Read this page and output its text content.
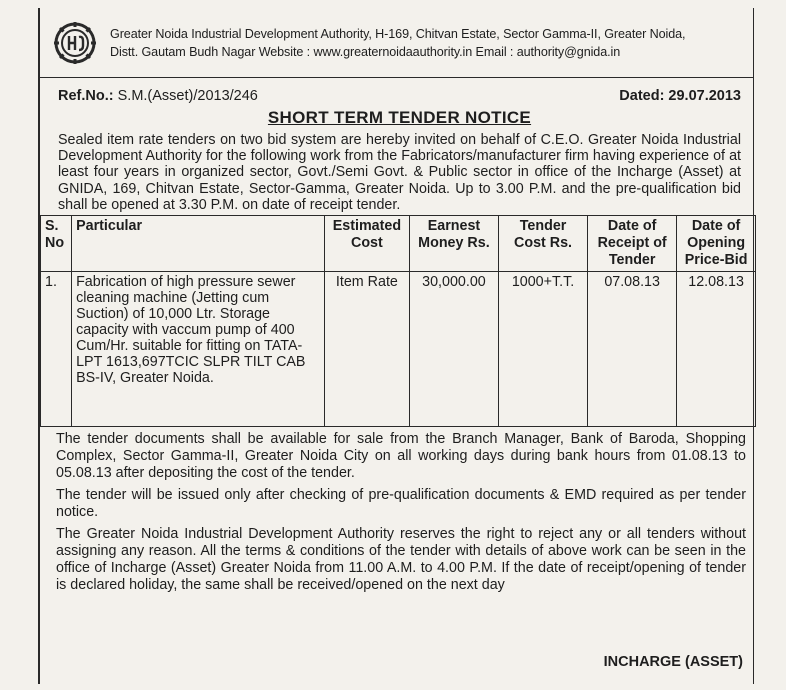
Greater Noida Industrial Development Authority, H-169, Chitvan Estate, Sector Gamma-II, Greater Noida,
Distt. Gautam Budh Nagar Website : www.greaternoidaauthority.in Email : authority@gnida.in
Ref.No.: S.M.(Asset)/2013/246	Dated: 29.07.2013
SHORT TERM TENDER NOTICE

Sealed item rate tenders on two bid system are hereby invited on behalf of C.E.O. Greater Noida Industrial Development Authority for the following work from the Fabricators/manufacturer firm having experience of at least four years in organized sector, Govt./Semi Govt. & Public sector in office of the Incharge (Asset) at GNIDA, 169, Chitvan Estate, Sector-Gamma, Greater Noida. Up to 3.00 P.M. and the pre-qualification bid shall be opened at 3.30 P.M. on date of receipt tender.

S. No	Particular	Estimated Cost	Earnest Money Rs.	Tender Cost Rs.	Date of Receipt of Tender	Date of Opening Price-Bid
1.	Fabrication of high pressure sewer cleaning machine (Jetting cum Suction) of 10,000 Ltr. Storage capacity with vaccum pump of 400 Cum/Hr. suitable for fitting on TATA-LPT 1613,697TCIC SLPR TILT CAB BS-IV, Greater Noida.	Item Rate	30,000.00	1000+T.T.	07.08.13	12.08.13

The tender documents shall be available for sale from the Branch Manager, Bank of Baroda, Shopping Complex, Sector Gamma-II, Greater Noida City on all working days during bank hours from 01.08.13 to 05.08.13 after depositing the cost of the tender.

The tender will be issued only after checking of pre-qualification documents & EMD required as per tender notice.

The Greater Noida Industrial Development Authority reserves the right to reject any or all tenders without assigning any reason. All the terms & conditions of the tender with details of above work can be seen in the office of Incharge (Asset) Greater Noida from 11.00 A.M. to 4.00 P.M. If the date of receipt/opening of tender is declared holiday, the same shall be received/opened on the next day

INCHARGE (ASSET)
